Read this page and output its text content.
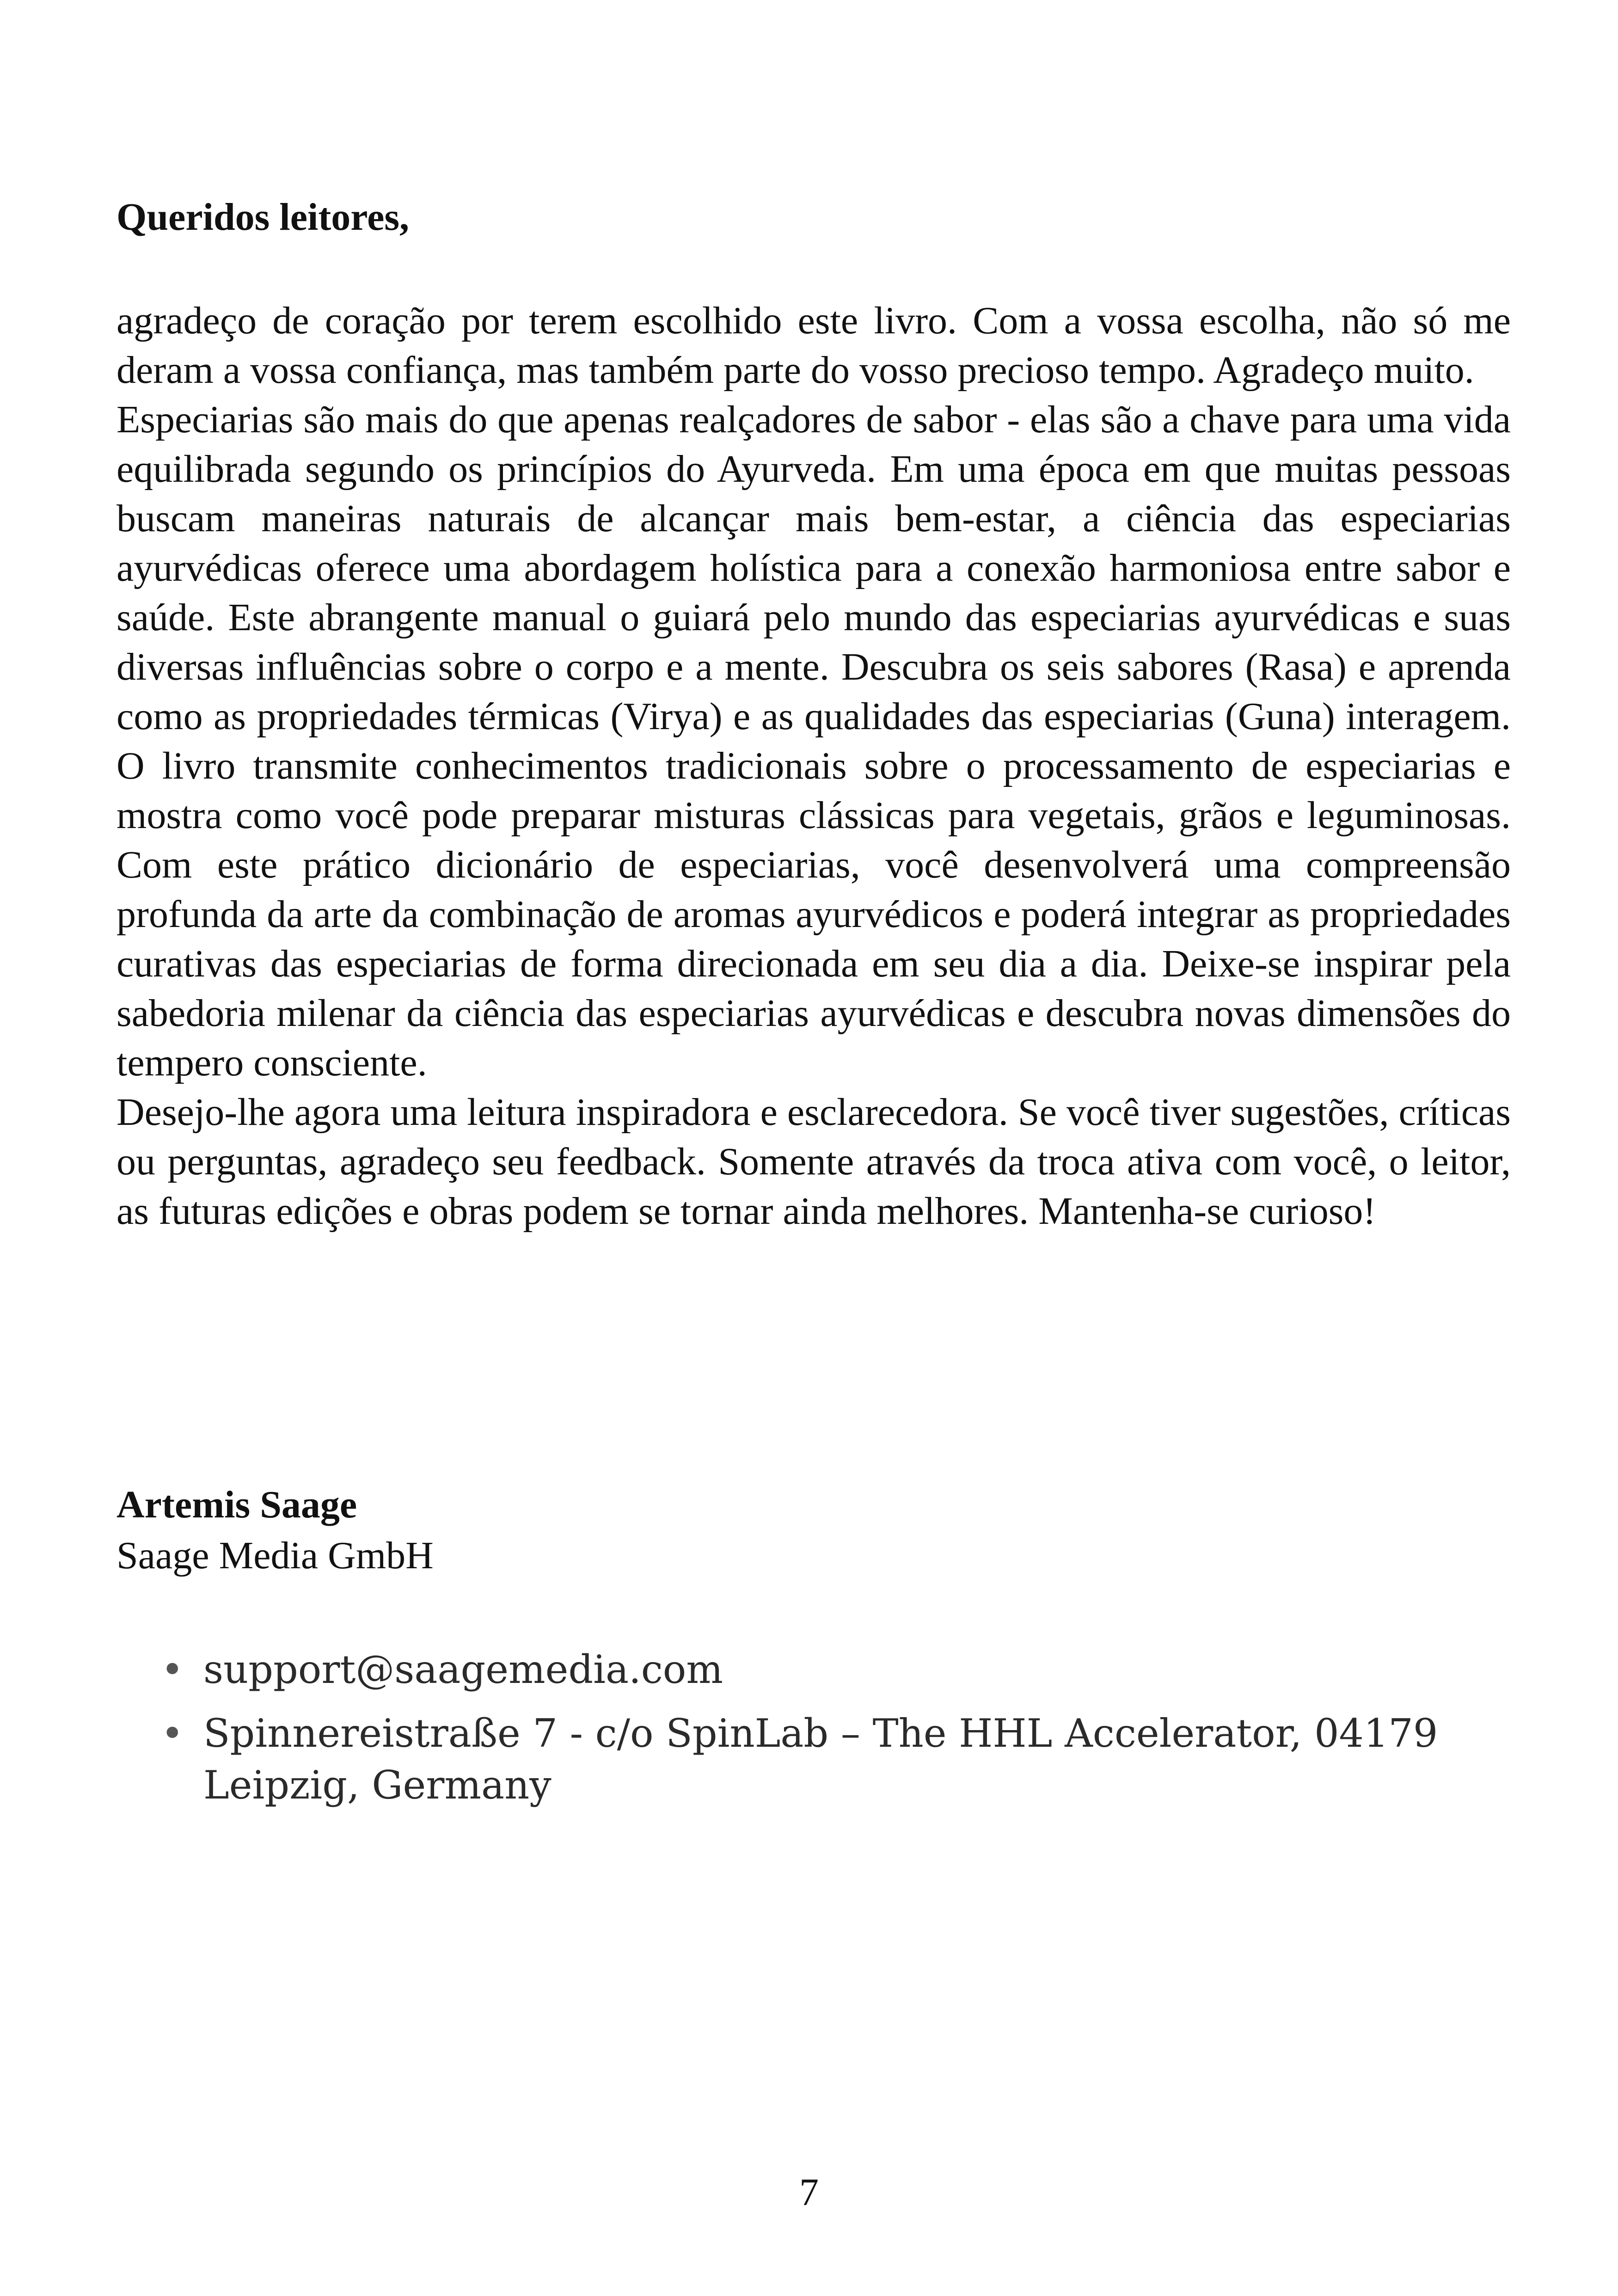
Queridos leitores,

agradeço de coração por terem escolhido este livro. Com a vossa escolha, não só me deram a vossa confiança, mas também parte do vosso precioso tempo. Agradeço muito.

Especiarias são mais do que apenas realçadores de sabor - elas são a chave para uma vida equilibrada segundo os princípios do Ayurveda. Em uma época em que muitas pessoas buscam maneiras naturais de alcançar mais bem-estar, a ciência das especiarias ayurvédicas oferece uma abordagem holística para a conexão harmoniosa entre sabor e saúde. Este abrangente manual o guiará pelo mundo das especiarias ayurvédicas e suas diversas influências sobre o corpo e a mente. Descubra os seis sabores (Rasa) e aprenda como as propriedades térmicas (Virya) e as qualidades das especiarias (Guna) interagem. O livro transmite conhecimentos tradicionais sobre o processamento de especiarias e mostra como você pode preparar misturas clássicas para vegetais, grãos e leguminosas. Com este prático dicionário de especiarias, você desenvolverá uma compreensão profunda da arte da combinação de aromas ayurvédicos e poderá integrar as propriedades curativas das especiarias de forma direcionada em seu dia a dia. Deixe-se inspirar pela sabedoria milenar da ciência das especiarias ayurvédicas e descubra novas dimensões do tempero consciente.

Desejo-lhe agora uma leitura inspiradora e esclarecedora. Se você tiver sugestões, críticas ou perguntas, agradeço seu feedback. Somente através da troca ativa com você, o leitor, as futuras edições e obras podem se tornar ainda melhores. Mantenha-se curioso!

Artemis Saage
Saage Media GmbH
• support@saagemedia.com
• Spinnereistraße 7 - c/o SpinLab – The HHL Accelerator, 04179 Leipzig, Germany
7
